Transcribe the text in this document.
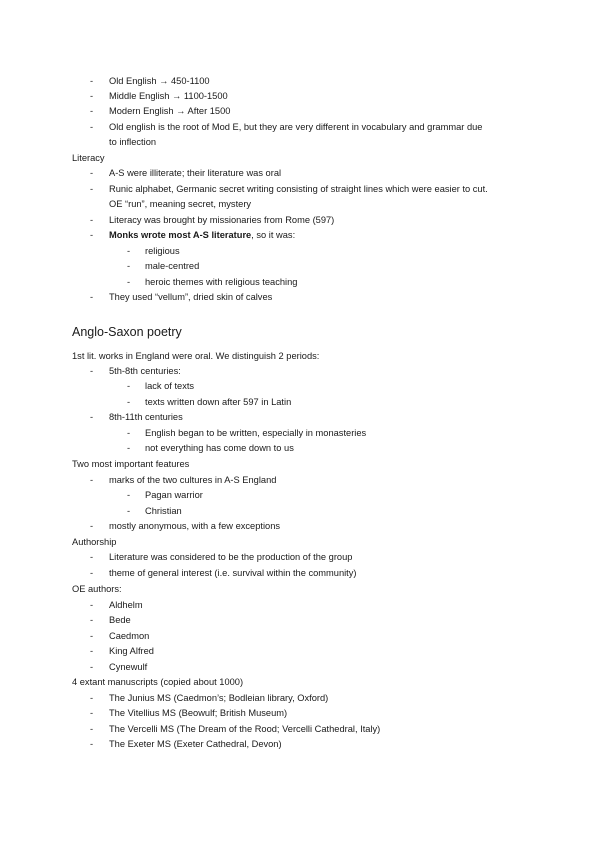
- Old English → 450-1100
- Middle English → 1100-1500
- Modern English → After 1500
- Old english is the root of Mod E, but they are very different in vocabulary and grammar due
to inflection
Literacy
- A-S were illiterate; their literature was oral
- Runic alphabet, Germanic secret writing consisting of straight lines which were easier to cut.
OE “run”, meaning secret, mystery
- Literacy was brought by missionaries from Rome (597)
- Monks wrote most A-S literature, so it was:
- religious
- male-centred
- heroic themes with religious teaching
- They used “vellum”, dried skin of calves
Anglo-Saxon poetry
1st lit. works in England were oral. We distinguish 2 periods:
- 5th-8th centuries:
- lack of texts
- texts written down after 597 in Latin
- 8th-11th centuries
- English began to be written, especially in monasteries
- not everything has come down to us
Two most important features
- marks of the two cultures in A-S England
- Pagan warrior
- Christian
- mostly anonymous, with a few exceptions
Authorship
- Literature was considered to be the production of the group
- theme of general interest (i.e. survival within the community)
OE authors:
- Aldhelm
- Bede
- Caedmon
- King Alfred
- Cynewulf
4 extant manuscripts (copied about 1000)
- The Junius MS (Caedmon’s; Bodleian library, Oxford)
- The Vitellius MS (Beowulf; British Museum)
- The Vercelli MS (The Dream of the Rood; Vercelli Cathedral, Italy)
- The Exeter MS (Exeter Cathedral, Devon)
